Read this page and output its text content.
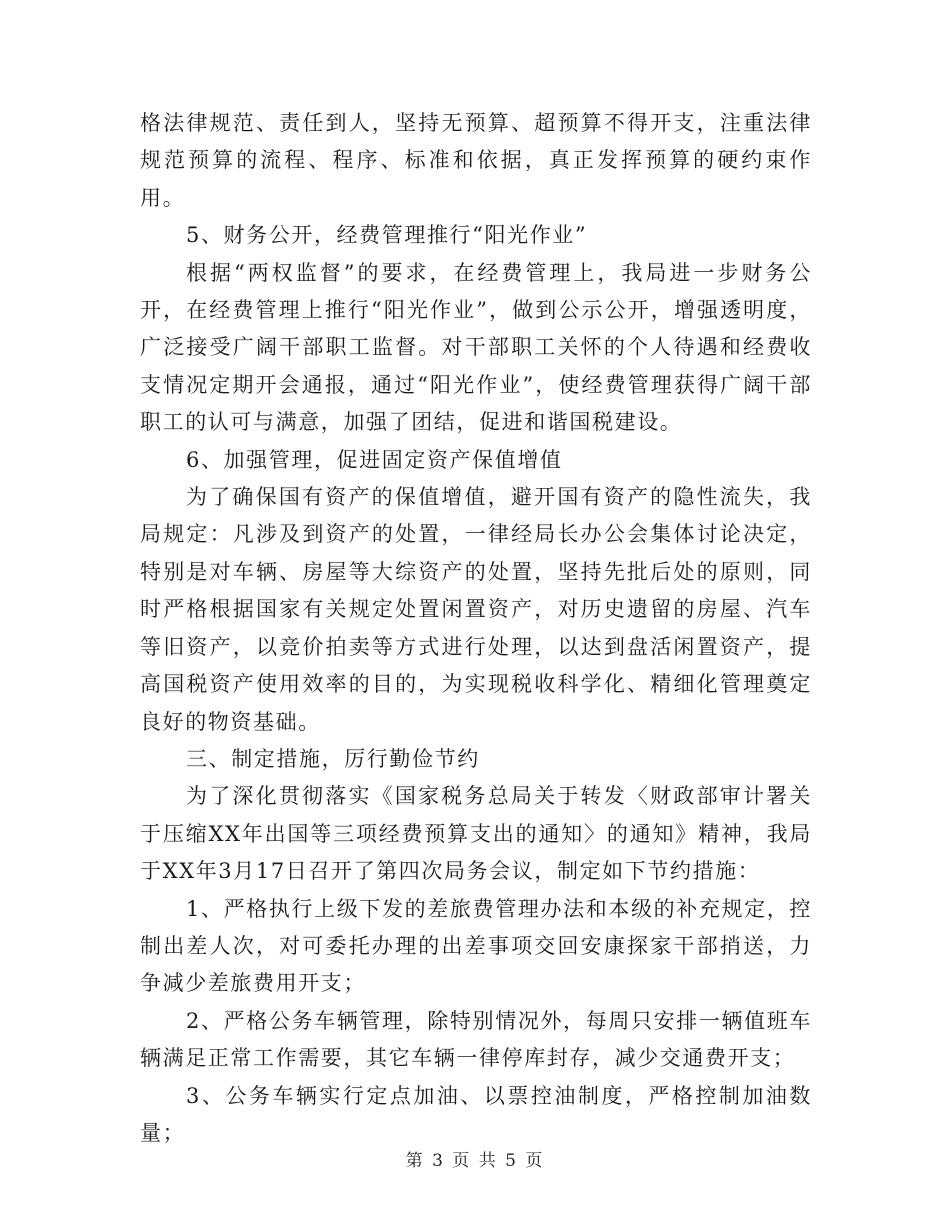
格法律规范、责任到人，坚持无预算、超预算不得开支，注重法律规范预算的流程、程序、标准和依据，真正发挥预算的硬约束作用。

5、财务公开，经费管理推行“阳光作业”

根据“两权监督”的要求，在经费管理上，我局进一步财务公开，在经费管理上推行“阳光作业”，做到公示公开，增强透明度，广泛接受广阔干部职工监督。对干部职工关怀的个人待遇和经费收支情况定期开会通报，通过“阳光作业”，使经费管理获得广阔干部职工的认可与满意，加强了团结，促进和谐国税建设。

6、加强管理，促进固定资产保值增值

为了确保国有资产的保值增值，避开国有资产的隐性流失，我局规定：凡涉及到资产的处置，一律经局长办公会集体讨论决定，特别是对车辆、房屋等大综资产的处置，坚持先批后处的原则，同时严格根据国家有关规定处置闲置资产，对历史遗留的房屋、汽车等旧资产，以竞价拍卖等方式进行处理，以达到盘活闲置资产，提高国税资产使用效率的目的，为实现税收科学化、精细化管理奠定良好的物资基础。

三、制定措施，厉行勤俭节约

为了深化贯彻落实《国家税务总局关于转发〈财政部审计署关于压缩XX年出国等三项经费预算支出的通知〉的通知》精神，我局于XX年3月17日召开了第四次局务会议，制定如下节约措施：

1、严格执行上级下发的差旅费管理办法和本级的补充规定，控制出差人次，对可委托办理的出差事项交回安康探家干部捎送，力争减少差旅费用开支；

2、严格公务车辆管理，除特别情况外，每周只安排一辆值班车辆满足正常工作需要，其它车辆一律停库封存，减少交通费开支；

3、公务车辆实行定点加油、以票控油制度，严格控制加油数量；

第 3 页 共 5 页
